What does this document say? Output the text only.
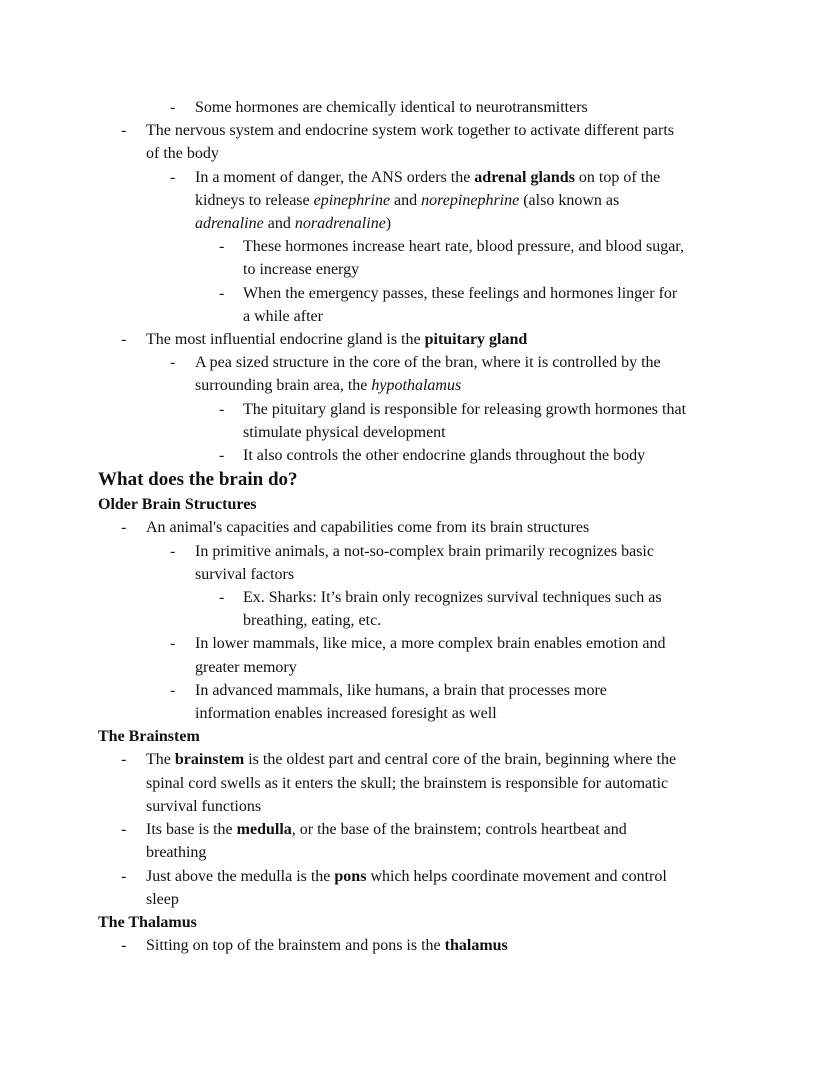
-	Some hormones are chemically identical to neurotransmitters
-	The nervous system and endocrine system work together to activate different parts
of the body
-	In a moment of danger, the ANS orders the adrenal glands on top of the
kidneys to release epinephrine and norepinephrine (also known as
adrenaline and noradrenaline)
-	These hormones increase heart rate, blood pressure, and blood sugar,
to increase energy
-	When the emergency passes, these feelings and hormones linger for
a while after
-	The most influential endocrine gland is the pituitary gland
-	A pea sized structure in the core of the bran, where it is controlled by the
surrounding brain area, the hypothalamus
-	The pituitary gland is responsible for releasing growth hormones that
stimulate physical development
-	It also controls the other endocrine glands throughout the body
What does the brain do?
Older Brain Structures
-	An animal's capacities and capabilities come from its brain structures
-	In primitive animals, a not-so-complex brain primarily recognizes basic
survival factors
-	Ex. Sharks: It’s brain only recognizes survival techniques such as
breathing, eating, etc.
-	In lower mammals, like mice, a more complex brain enables emotion and
greater memory
-	In advanced mammals, like humans, a brain that processes more
information enables increased foresight as well
The Brainstem
-	The brainstem is the oldest part and central core of the brain, beginning where the
spinal cord swells as it enters the skull; the brainstem is responsible for automatic
survival functions
-	Its base is the medulla, or the base of the brainstem; controls heartbeat and
breathing
-	Just above the medulla is the pons which helps coordinate movement and control
sleep
The Thalamus
-	Sitting on top of the brainstem and pons is the thalamus
